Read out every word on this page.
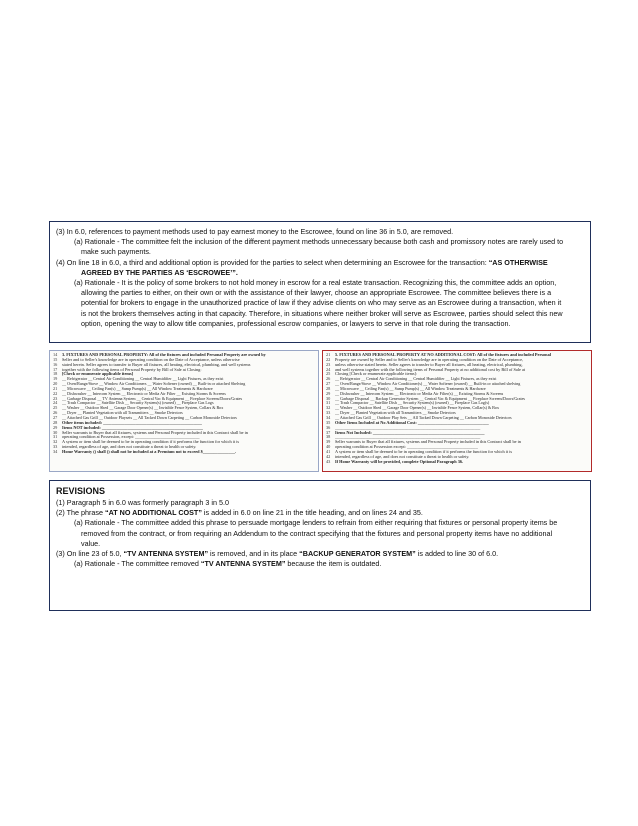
(3) In 6.0, references to payment methods used to pay earnest money to the Escrowee, found on line 36 in 5.0, are removed.
(a) Rationale - The committee felt the inclusion of the different payment methods unnecessary because both cash and promissory notes are rarely used to
make such payments.
(4) On line 18 in 6.0, a third and additional option is provided for the parties to select when determining an Escrowee for the transaction: “AS OTHERWISE
AGREED BY THE PARTIES AS ‘ESCROWEE’”.
(a) Rationale - It is the policy of some brokers to not hold money in escrow for a real estate transaction. Recognizing this, the committee adds an option,
allowing the parties to either, on their own or with the assistance of their lawyer, choose an appropriate Escrowee. The committee believes there is a
potential for brokers to engage in the unauthorized practice of law if they advise clients on who may serve as an Escrowee during a transaction, when it
is not the brokers themselves acting in that capacity. Therefore, in situations where neither broker will serve as Escrowee, parties should select this new
option, opening the way to allow title companies, professional escrow companies, or lawyers to serve in that role during the transaction.
14 3. FIXTURES AND PERSONAL PROPERTY: All of the fixtures and included Personal Property are owned by
15 Seller and to Seller's knowledge are in operating condition on the Date of Acceptance, unless otherwise
16 stated herein. Seller agrees to transfer to Buyer all fixtures, all heating, electrical, plumbing, and well systems
17 together with the following items of Personal Property by Bill of Sale at Closing:
18 [Check or enumerate applicable items]
19 __ Refrigerator __ Central Air Conditioning __ Central Humidifier __ Light Fixtures, as they exist
20 __ Oven/Range/Stove __ Window Air Conditioners __ Water Softener (owned) __ Built-in or attached Shelving
21 __ Microwave __ Ceiling Fan(s) __ Sump Pump(s) __ All Window Treatments & Hardware
22 __ Dishwasher __ Intercom System __ Electronic or Media Air Filter __ Existing Storms & Screens
23 __ Garbage Disposal __ TV Antenna System __ Central Vac & Equipment __ Fireplace Screens/Doors/Grates
24 __ Trash Compactor __ Satellite Dish __ Security System(s) (owned) __ Fireplace Gas Logs
25 __ Washer __ Outdoor Shed __ Garage Door Opener(s) __ Invisible Fence System, Collars & Box
26 __ Dryer __ Planted Vegetation with all Transmitters __ Smoke Detectors
27 __ Attached Gas Grill __ Outdoor Playsets __ All Tacked Down Carpeting __ Carbon Monoxide Detectors
28 Other items included: ______________________________________________
29 Items NOT included: _______________________________________________
30 Seller warrants to Buyer that all fixtures, systems and Personal Property included in this Contract shall be in
31 operating condition at Possession, except: ______________________________
32 A system or item shall be deemed to be in operating condition if it performs the function for which it is
33 intended, regardless of age, and does not constitute a threat to health or safety.
34 Home Warranty () shall () shall not be included at a Premium not to exceed $_______________.
21 5. FIXTURES AND PERSONAL PROPERTY AT NO ADDITIONAL COST: All of the fixtures and included Personal
22 Property are owned by Seller and to Seller's knowledge are in operating condition on the Date of Acceptance,
23 unless otherwise stated herein. Seller agrees to transfer to Buyer all fixtures, all heating, electrical, plumbing,
24 and well systems together with the following items of Personal Property at no additional cost by Bill of Sale at
25 Closing [Check or enumerate applicable items]:
26 __ Refrigerator __ Central Air Conditioning __ Central Humidifier __ Light Fixtures, as they exist
27 __ Oven/Range/Stove __ Window Air Conditioner(s) __ Water Softener (owned) __ Built-in or attached shelving
28 __ Microwave __ Ceiling Fan(s) __ Sump Pump(s) __ All Window Treatments & Hardware
29 __ Dishwasher __ Intercom System __ Electronic or Media Air Filter(s) __ Existing Storms & Screens
30 __ Garbage Disposal __ Backup Generator System __ Central Vac & Equipment __ Fireplace Screens/Doors/Grates
31 __ Trash Compactor __ Satellite Dish __ Security System(s) (owned) __ Fireplace Gas Log(s)
32 __ Washer __ Outdoor Shed __ Garage Door Opener(s) __ Invisible Fence System, Collar(s) & Box
33 __ Dryer __ Planted Vegetation with all Transmitters __ Smoke Detectors
34 __ Attached Gas Grill __ Outdoor Play Sets __ All Tacked Down Carpeting __ Carbon Monoxide Detectors
35 Other Items Included at No Additional Cost: _________________________________
36 _______________________________________________________________________
37 Items Not Included: ____________________________________________________
38 _______________________________________________________________________
39 Seller warrants to Buyer that all fixtures, systems and Personal Property included in this Contract shall be in
40 operating condition at Possession except: _________________________________
41 A system or item shall be deemed to be in operating condition if it performs the function for which it is
42 intended, regardless of age, and does not constitute a threat to health or safety.
43 If Home Warranty will be provided, complete Optional Paragraph 36.
REVISIONS
(1) Paragraph 5 in 6.0 was formerly paragraph 3 in 5.0
(2) The phrase “AT NO ADDITIONAL COST” is added in 6.0 on line 21 in the title heading, and on lines 24 and 35.
(a) Rationale - The committee added this phrase to persuade mortgage lenders to refrain from either requiring that fixtures or personal property items be
removed from the contract, or from requiring an Addendum to the contract specifying that the fixtures and personal property items have no additional
value.
(3) On line 23 of 5.0, “TV ANTENNA SYSTEM” is removed, and in its place “BACKUP GENERATOR SYSTEM” is added to line 30 of 6.0.
(a) Rationale - The committee removed “TV ANTENNA SYSTEM” because the item is outdated.
